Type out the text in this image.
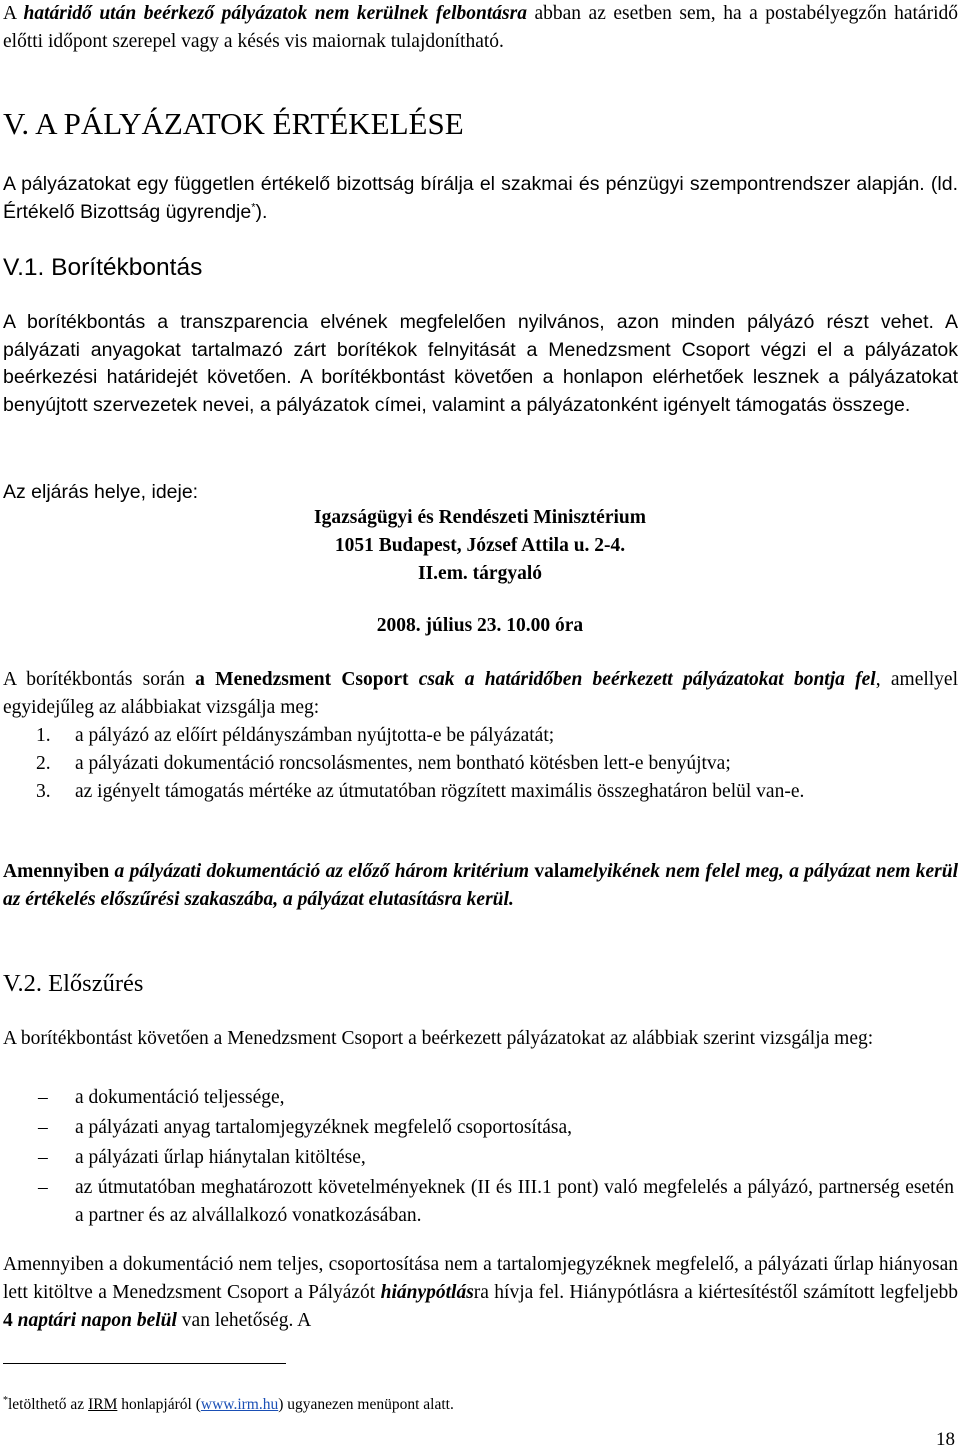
A határidő után beérkező pályázatok nem kerülnek felbontásra abban az esetben sem, ha a postabélyegzőn határidő előtti időpont szerepel vagy a késés vis maiornak tulajdonítható.

V. A PÁLYÁZATOK ÉRTÉKELÉSE

A pályázatokat egy független értékelő bizottság bírálja el szakmai és pénzügyi szempontrendszer alapján. (ld. Értékelő Bizottság ügyrendje*).

V.1. Borítékbontás

A borítékbontás a transzparencia elvének megfelelően nyilvános, azon minden pályázó részt vehet. A pályázati anyagokat tartalmazó zárt borítékok felnyitását a Menedzsment Csoport végzi el a pályázatok beérkezési határidejét követően. A borítékbontást követően a honlapon elérhetőek lesznek a pályázatokat benyújtott szervezetek nevei, a pályázatok címei, valamint a pályázatonként igényelt támogatás összege.

Az eljárás helye, ideje:

Igazságügyi és Rendészeti Minisztérium

1051 Budapest, József Attila u. 2-4.

II.em. tárgyaló

2008. július 23. 10.00 óra

A borítékbontás során a Menedzsment Csoport csak a határidőben beérkezett pályázatokat bontja fel, amellyel egyidejűleg az alábbiakat vizsgálja meg:

1. a pályázó az előírt példányszámban nyújtotta-e be pályázatát;
2. a pályázati dokumentáció roncsolásmentes, nem bontható kötésben lett-e benyújtva;
3. az igényelt támogatás mértéke az útmutatóban rögzített maximális összeghatáron belül van-e.

Amennyiben a pályázati dokumentáció az előző három kritérium valamelyikének nem felel meg, a pályázat nem kerül az értékelés előszűrési szakaszába, a pályázat elutasításra kerül.

V.2. Előszűrés

A borítékbontást követően a Menedzsment Csoport a beérkezett pályázatokat az alábbiak szerint vizsgálja meg:

– a dokumentáció teljessége,
– a pályázati anyag tartalomjegyzéknek megfelelő csoportosítása,
– a pályázati űrlap hiánytalan kitöltése,
– az útmutatóban meghatározott követelményeknek (II és III.1 pont) való megfelelés a pályázó, partnerség esetén a partner és az alvállalkozó vonatkozásában.

Amennyiben a dokumentáció nem teljes, csoportosítása nem a tartalomjegyzéknek megfelelő, a pályázati űrlap hiányosan lett kitöltve a Menedzsment Csoport a Pályázót hiánypótlásra hívja fel. Hiánypótlásra a kiértesítéstől számított legfeljebb 4 naptári napon belül van lehetőség. A

*letölthető az IRM honlapjáról (www.irm.hu) ugyanezen menüpont alatt.

18
